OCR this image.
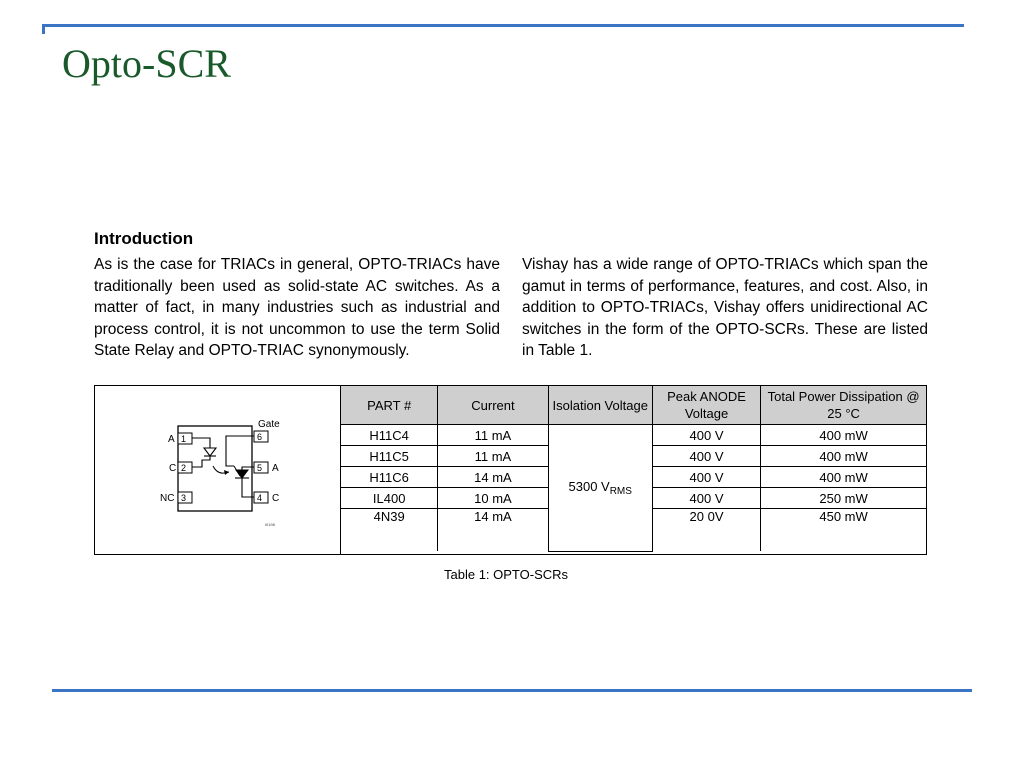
Opto-SCR
Introduction
As is the case for TRIACs in general, OPTO-TRIACs have traditionally been used as solid-state AC switches. As a matter of fact, in many industries such as industrial and process control, it is not uncommon to use the term Solid State Relay and OPTO-TRIAC synonymously.
Vishay has a wide range of OPTO-TRIACs which span the gamut in terms of performance, features, and cost. Also, in addition to OPTO-TRIACs, Vishay offers unidirectional AC switches in the form of the OPTO-SCRs. These are listed in Table 1.
1
2
3
6
5
4
A
C
NC
Gate
A
C
i0198
PART #	Current	Isolation Voltage	Peak ANODE Voltage	Total Power Dissipation @ 25 °C
H11C4	11 mA	5300 $V_{RMS}$	400 V	400 mW
H11C5	11 mA		400 V	400 mW
H11C6	14 mA		400 V	400 mW
IL400	10 mA		400 V	250 mW
4N39	14 mA		20 0V	450 mW
Table 1: OPTO-SCRs
